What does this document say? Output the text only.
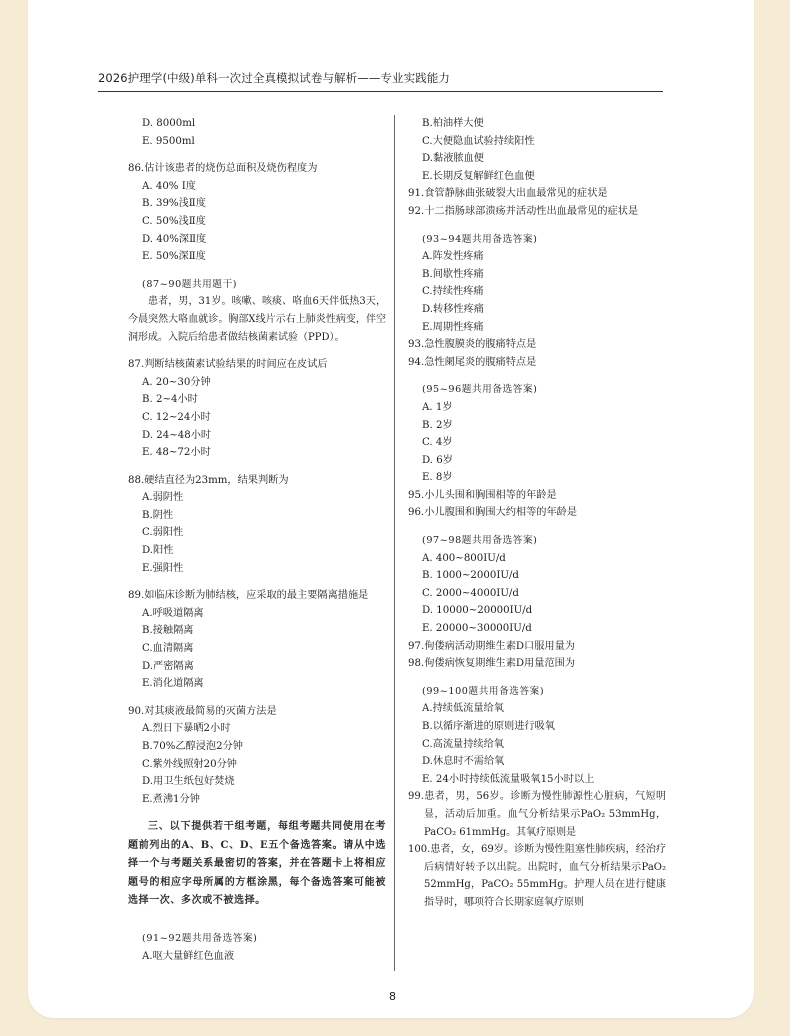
2026护理学(中级)单科一次过全真模拟试卷与解析——专业实践能力
D. 8000ml
E. 9500ml
86.估计该患者的烧伤总面积及烧伤程度为
A. 40% Ⅰ度
B. 39%浅Ⅱ度
C. 50%浅Ⅱ度
D. 40%深Ⅱ度
E. 50%深Ⅱ度
(87~90题共用题干)
患者，男，31岁。咳嗽、咳痰、咯血6天伴低热3天，今晨突然大咯血就诊。胸部X线片示右上肺炎性病变，伴空洞形成。入院后给患者做结核菌素试验（PPD）。
87.判断结核菌素试验结果的时间应在皮试后
A. 20~30分钟
B. 2~4小时
C. 12~24小时
D. 24~48小时
E. 48~72小时
88.硬结直径为23mm，结果判断为
A.弱阴性
B.阴性
C.弱阳性
D.阳性
E.强阳性
89.如临床诊断为肺结核，应采取的最主要隔离措施是
A.呼吸道隔离
B.接触隔离
C.血清隔离
D.严密隔离
E.消化道隔离
90.对其痰液最简易的灭菌方法是
A.烈日下暴晒2小时
B.70%乙醇浸泡2分钟
C.紫外线照射20分钟
D.用卫生纸包好焚烧
E.煮沸1分钟
三、以下提供若干组考题，每组考题共同使用在考题前列出的A、B、C、D、E五个备选答案。请从中选择一个与考题关系最密切的答案，并在答题卡上将相应题号的相应字母所属的方框涂黑，每个备选答案可能被选择一次、多次或不被选择。
(91~92题共用备选答案)
A.呕大量鲜红色血液
B.柏油样大便
C.大便隐血试验持续阳性
D.黏液脓血便
E.长期反复解鲜红色血便
91.食管静脉曲张破裂大出血最常见的症状是
92.十二指肠球部溃疡并活动性出血最常见的症状是
(93~94题共用备选答案)
A.阵发性疼痛
B.间歇性疼痛
C.持续性疼痛
D.转移性疼痛
E.周期性疼痛
93.急性腹膜炎的腹痛特点是
94.急性阑尾炎的腹痛特点是
(95~96题共用备选答案)
A. 1岁
B. 2岁
C. 4岁
D. 6岁
E. 8岁
95.小儿头围和胸围相等的年龄是
96.小儿腹围和胸围大约相等的年龄是
(97~98题共用备选答案)
A. 400~800IU/d
B. 1000~2000IU/d
C. 2000~4000IU/d
D. 10000~20000IU/d
E. 20000~30000IU/d
97.佝偻病活动期维生素D口服用量为
98.佝偻病恢复期维生素D用量范围为
(99~100题共用备选答案)
A.持续低流量给氧
B.以循序渐进的原则进行吸氧
C.高流量持续给氧
D.休息时不需给氧
E. 24小时持续低流量吸氧15小时以上
99.患者，男，56岁。诊断为慢性肺源性心脏病，气短明显，活动后加重。血气分析结果示PaO₂ 53mmHg，PaCO₂ 61mmHg。其氧疗原则是
100.患者，女，69岁。诊断为慢性阻塞性肺疾病，经治疗后病情好转予以出院。出院时，血气分析结果示PaO₂ 52mmHg，PaCO₂ 55mmHg。护理人员在进行健康指导时，哪项符合长期家庭氧疗原则
8
